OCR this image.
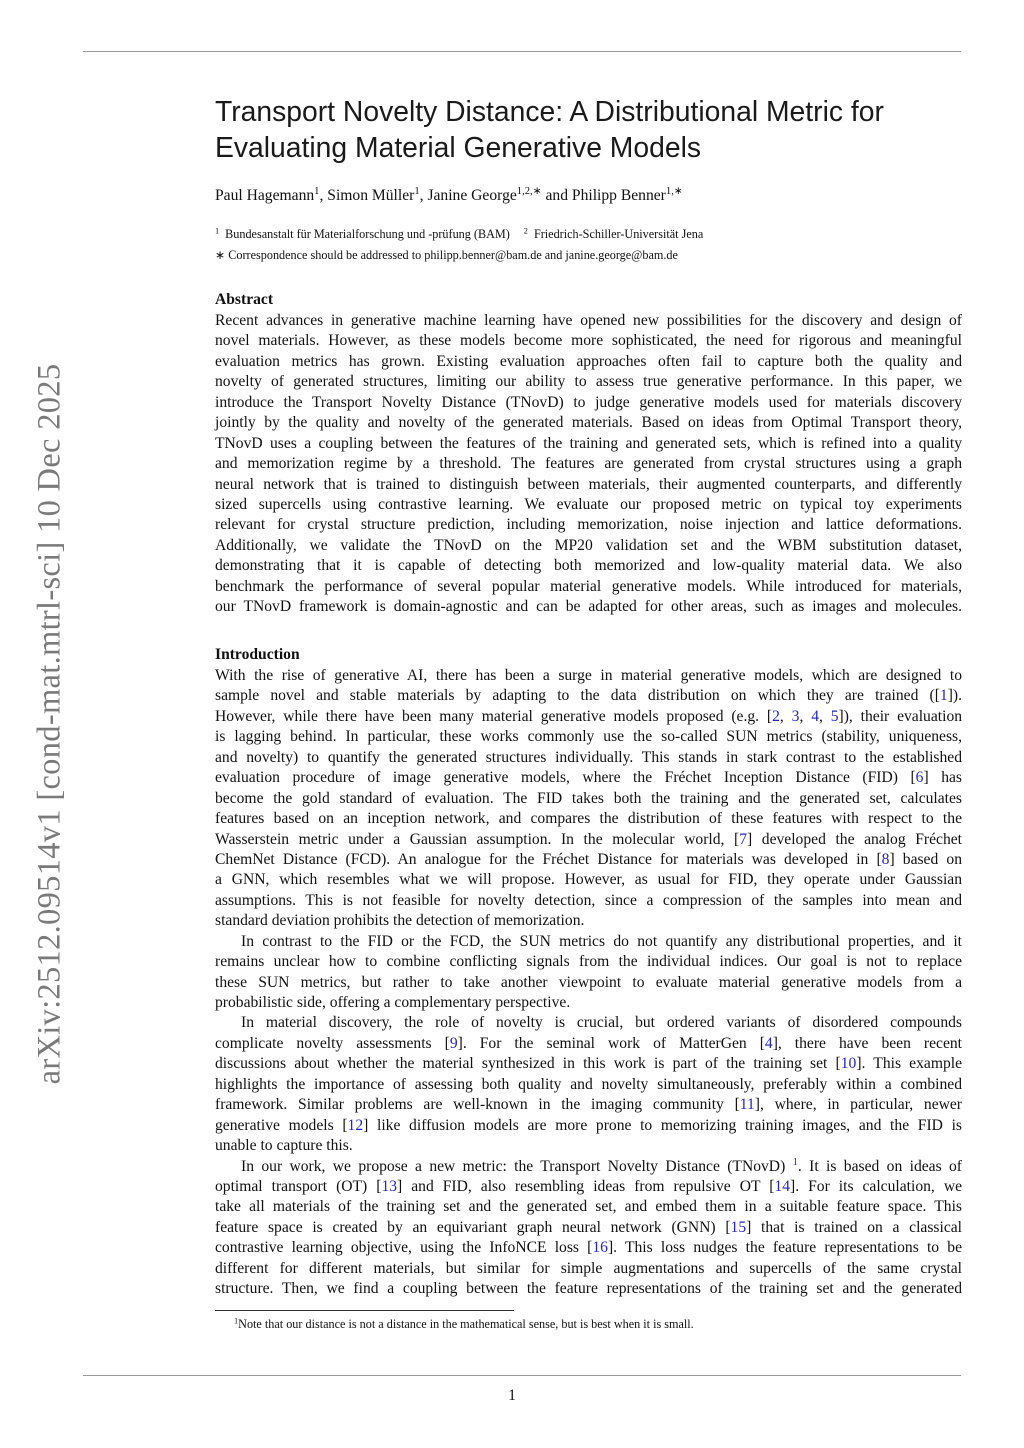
arXiv:2512.09514v1 [cond-mat.mtrl-sci] 10 Dec 2025
Transport Novelty Distance: A Distributional Metric for Evaluating Material Generative Models
Paul Hagemann$^1$, Simon Müller$^1$, Janine George$^{1,2,∗}$ and Philipp Benner$^{1,∗}$
$^1$ Bundesanstalt für Materialforschung und -prüfung (BAM) $^2$ Friedrich-Schiller-Universität Jena
∗ Correspondence should be addressed to philipp.benner@bam.de and janine.george@bam.de
Abstract
Recent advances in generative machine learning have opened new possibilities for the discovery and design of
novel materials. However, as these models become more sophisticated, the need for rigorous and meaningful
evaluation metrics has grown. Existing evaluation approaches often fail to capture both the quality and
novelty of generated structures, limiting our ability to assess true generative performance. In this paper, we
introduce the Transport Novelty Distance (TNovD) to judge generative models used for materials discovery
jointly by the quality and novelty of the generated materials. Based on ideas from Optimal Transport theory,
TNovD uses a coupling between the features of the training and generated sets, which is refined into a quality
and memorization regime by a threshold. The features are generated from crystal structures using a graph
neural network that is trained to distinguish between materials, their augmented counterparts, and differently
sized supercells using contrastive learning. We evaluate our proposed metric on typical toy experiments
relevant for crystal structure prediction, including memorization, noise injection and lattice deformations.
Additionally, we validate the TNovD on the MP20 validation set and the WBM substitution dataset,
demonstrating that it is capable of detecting both memorized and low-quality material data. We also
benchmark the performance of several popular material generative models. While introduced for materials,
our TNovD framework is domain-agnostic and can be adapted for other areas, such as images and molecules.
Introduction
With the rise of generative AI, there has been a surge in material generative models, which are designed to
sample novel and stable materials by adapting to the data distribution on which they are trained ([1]).
However, while there have been many material generative models proposed (e.g. [2, 3, 4, 5]), their evaluation
is lagging behind. In particular, these works commonly use the so-called SUN metrics (stability, uniqueness,
and novelty) to quantify the generated structures individually. This stands in stark contrast to the established
evaluation procedure of image generative models, where the Fréchet Inception Distance (FID) [6] has
become the gold standard of evaluation. The FID takes both the training and the generated set, calculates
features based on an inception network, and compares the distribution of these features with respect to the
Wasserstein metric under a Gaussian assumption. In the molecular world, [7] developed the analog Fréchet
ChemNet Distance (FCD). An analogue for the Fréchet Distance for materials was developed in [8] based on
a GNN, which resembles what we will propose. However, as usual for FID, they operate under Gaussian
assumptions. This is not feasible for novelty detection, since a compression of the samples into mean and
standard deviation prohibits the detection of memorization.
In contrast to the FID or the FCD, the SUN metrics do not quantify any distributional properties, and it
remains unclear how to combine conflicting signals from the individual indices. Our goal is not to replace
these SUN metrics, but rather to take another viewpoint to evaluate material generative models from a
probabilistic side, offering a complementary perspective.
In material discovery, the role of novelty is crucial, but ordered variants of disordered compounds
complicate novelty assessments [9]. For the seminal work of MatterGen [4], there have been recent
discussions about whether the material synthesized in this work is part of the training set [10]. This example
highlights the importance of assessing both quality and novelty simultaneously, preferably within a combined
framework. Similar problems are well-known in the imaging community [11], where, in particular, newer
generative models [12] like diffusion models are more prone to memorizing training images, and the FID is
unable to capture this.
In our work, we propose a new metric: the Transport Novelty Distance (TNovD) $^1$. It is based on ideas of
optimal transport (OT) [13] and FID, also resembling ideas from repulsive OT [14]. For its calculation, we
take all materials of the training set and the generated set, and embed them in a suitable feature space. This
feature space is created by an equivariant graph neural network (GNN) [15] that is trained on a classical
contrastive learning objective, using the InfoNCE loss [16]. This loss nudges the feature representations to be
different for different materials, but similar for simple augmentations and supercells of the same crystal
structure. Then, we find a coupling between the feature representations of the training set and the generated
$^1$Note that our distance is not a distance in the mathematical sense, but is best when it is small.
1
